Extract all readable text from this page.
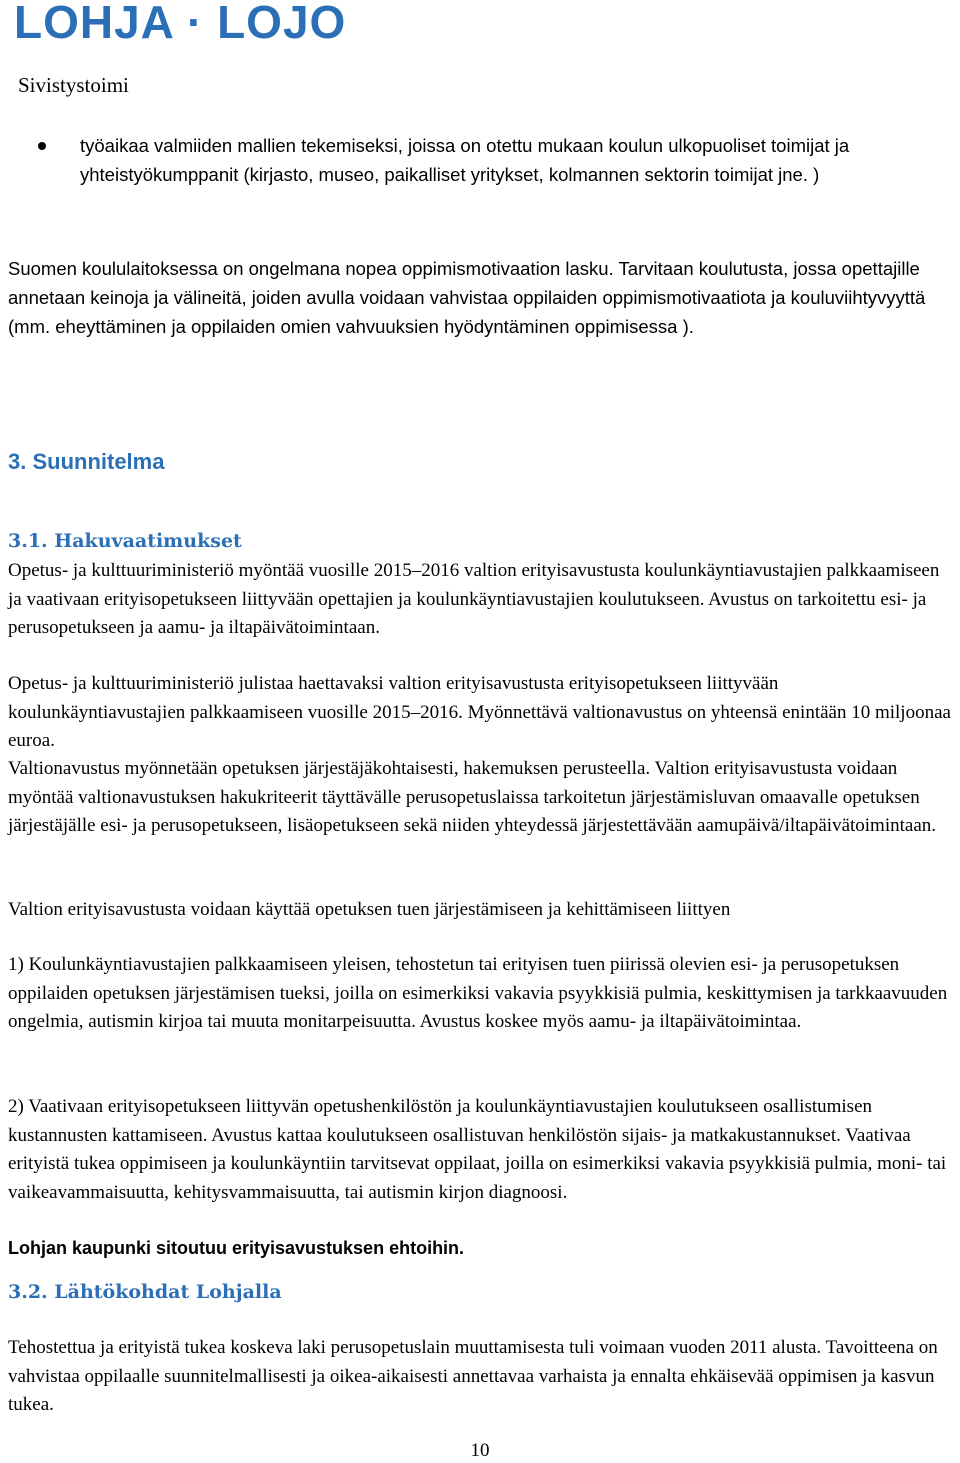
LOHJA · LOJO
Sivistystoimi
työaikaa valmiiden mallien tekemiseksi, joissa on otettu mukaan koulun ulkopuoliset toimijat ja yhteistyökumppanit (kirjasto, museo, paikalliset yritykset, kolmannen sektorin toimijat jne. )

Suomen koululaitoksessa on ongelmana nopea oppimismotivaation lasku. Tarvitaan koulutusta, jossa opettajille annetaan keinoja ja välineitä, joiden avulla voidaan vahvistaa oppilaiden oppimismotivaatiota ja kouluviihtyvyyttä (mm. eheyttäminen ja oppilaiden omien vahvuuksien hyödyntäminen oppimisessa ).

3. Suunnitelma
3.1. Hakuvaatimukset

Opetus- ja kulttuuriministeriö myöntää vuosille 2015–2016 valtion erityisavustusta koulunkäyntiavustajien palkkaamiseen ja vaativaan erityisopetukseen liittyvään opettajien ja koulunkäyntiavustajien koulutukseen. Avustus on tarkoitettu esi- ja perusopetukseen ja aamu- ja iltapäivätoimintaan.

Opetus- ja kulttuuriministeriö julistaa haettavaksi valtion erityisavustusta erityisopetukseen liittyvään koulunkäyntiavustajien palkkaamiseen vuosille 2015–2016. Myönnettävä valtionavustus on yhteensä enintään 10 miljoonaa euroa.

Valtionavustus myönnetään opetuksen järjestäjäkohtaisesti, hakemuksen perusteella. Valtion erityisavustusta voidaan myöntää valtionavustuksen hakukriteerit täyttävälle perusopetuslaissa tarkoitetun järjestämisluvan omaavalle opetuksen järjestäjälle esi- ja perusopetukseen, lisäopetukseen sekä niiden yhteydessä järjestettävään aamupäivä/iltapäivätoimintaan.

Valtion erityisavustusta voidaan käyttää opetuksen tuen järjestämiseen ja kehittämiseen liittyen

1) Koulunkäyntiavustajien palkkaamiseen yleisen, tehostetun tai erityisen tuen piirissä olevien esi- ja perusopetuksen oppilaiden opetuksen järjestämisen tueksi, joilla on esimerkiksi vakavia psyykkisiä pulmia, keskittymisen ja tarkkaavuuden ongelmia, autismin kirjoa tai muuta monitarpeisuutta. Avustus koskee myös aamu- ja iltapäivätoimintaa.

2) Vaativaan erityisopetukseen liittyvän opetushenkilöstön ja koulunkäyntiavustajien koulutukseen osallistumisen kustannusten kattamiseen. Avustus kattaa koulutukseen osallistuvan henkilöstön sijais- ja matkakustannukset. Vaativaa erityistä tukea oppimiseen ja koulunkäyntiin tarvitsevat oppilaat, joilla on esimerkiksi vakavia psyykkisiä pulmia, moni- tai vaikeavammaisuutta, kehitysvammaisuutta, tai autismin kirjon diagnoosi.

Lohjan kaupunki sitoutuu erityisavustuksen ehtoihin.
3.2. Lähtökohdat Lohjalla

Tehostettua ja erityistä tukea koskeva laki perusopetuslain muuttamisesta tuli voimaan vuoden 2011 alusta. Tavoitteena on vahvistaa oppilaalle suunnitelmallisesti ja oikea-aikaisesti annettavaa varhaista ja ennalta ehkäisevää oppimisen ja kasvun tukea.

10
